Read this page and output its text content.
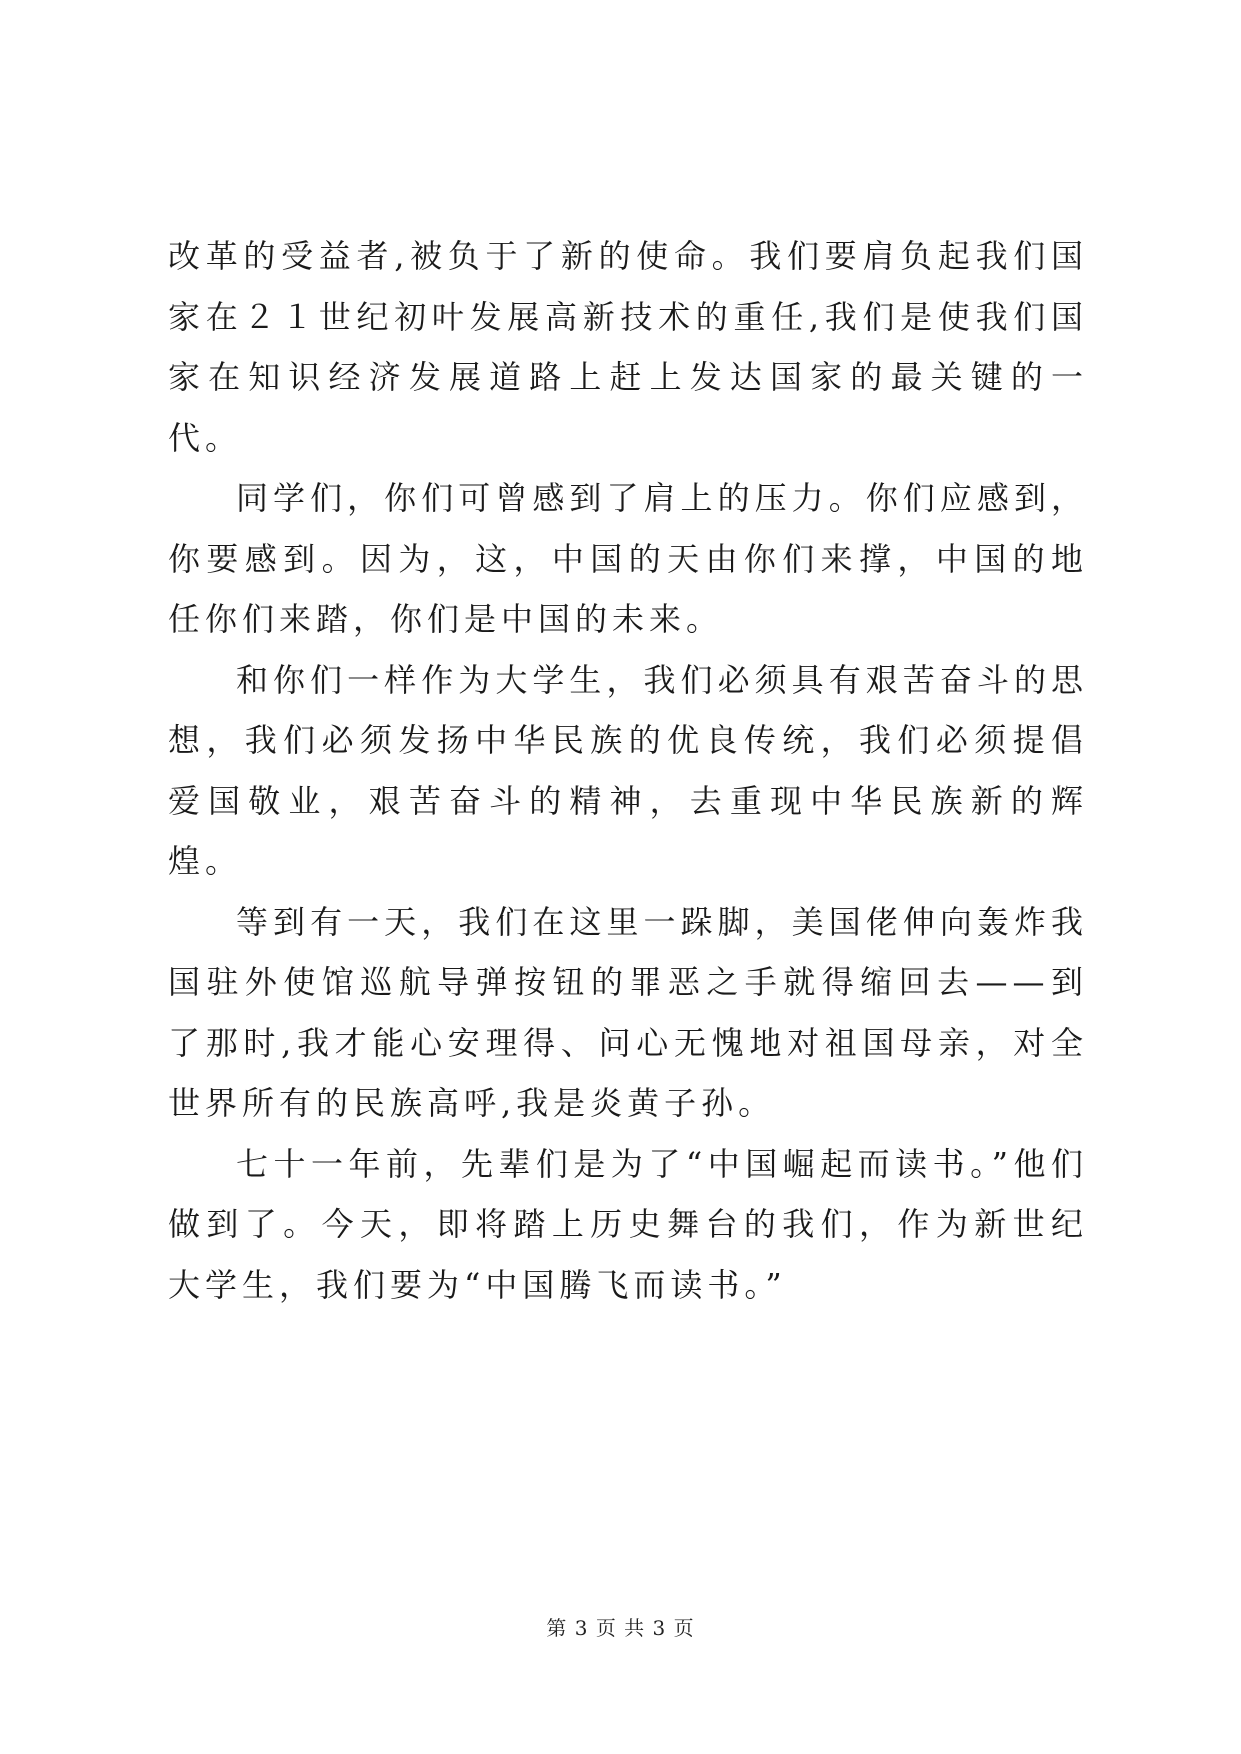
改革的受益者,被负于了新的使命。我们要肩负起我们国家在２１世纪初叶发展高新技术的重任,我们是使我们国家在知识经济发展道路上赶上发达国家的最关键的一代。

同学们，你们可曾感到了肩上的压力。你们应感到，你要感到。因为，这，中国的天由你们来撑，中国的地任你们来踏，你们是中国的未来。

和你们一样作为大学生，我们必须具有艰苦奋斗的思想，我们必须发扬中华民族的优良传统，我们必须提倡爱国敬业，艰苦奋斗的精神，去重现中华民族新的辉煌。

等到有一天，我们在这里一跺脚，美国佬伸向轰炸我国驻外使馆巡航导弹按钮的罪恶之手就得缩回去——到了那时,我才能心安理得、问心无愧地对祖国母亲，对全世界所有的民族高呼,我是炎黄子孙。

七十一年前，先辈们是为了“中国崛起而读书。”他们做到了。今天，即将踏上历史舞台的我们，作为新世纪大学生，我们要为“中国腾飞而读书。”

第 3 页 共 3 页
